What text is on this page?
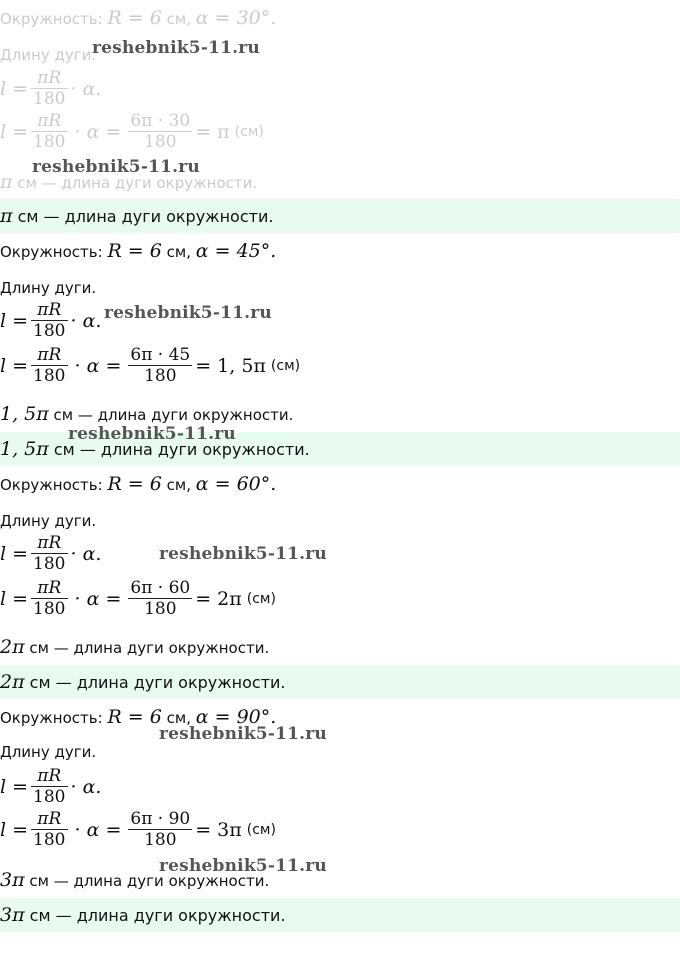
Окружность: R = 6 см, α = 30°.
Длину дуги.
$l = \frac{\pi R}{180} \cdot \alpha$.
$l = \frac{\pi R}{180} \cdot \alpha = \frac{6\pi \cdot 30}{180} = \pi$ (см)
π см — длина дуги окружности.
π
см — длина дуги окружности.
Окружность: R = 6 см, α = 45°.
Длину дуги.
$l = \frac{\pi R}{180} \cdot \alpha$.
$l = \frac{\pi R}{180} \cdot \alpha = \frac{6\pi \cdot 45}{180} = 1$, 5π (см)
1, 5π см — длина дуги окружности.
1, 5π
см — длина дуги окружности.
Окружность: R = 6 см, α = 60°.
Длину дуги.
$l = \frac{\pi R}{180} \cdot \alpha$.
$l = \frac{\pi R}{180} \cdot \alpha = \frac{6\pi \cdot 60}{180} = 2\pi$ (см)
2π см — длина дуги окружности.
2π
см — длина дуги окружности.
Окружность: R = 6 см, α = 90°.
Длину дуги.
$l = \frac{\pi R}{180} \cdot \alpha$.
$l = \frac{\pi R}{180} \cdot \alpha = \frac{6\pi \cdot 90}{180} = 3\pi$ (см)
3π см — длина дуги окружности.
3π
см — длина дуги окружности.
reshebnik5-11.ru
reshebnik5-11.ru
reshebnik5-11.ru
reshebnik5-11.ru
reshebnik5-11.ru
reshebnik5-11.ru
reshebnik5-11.ru
